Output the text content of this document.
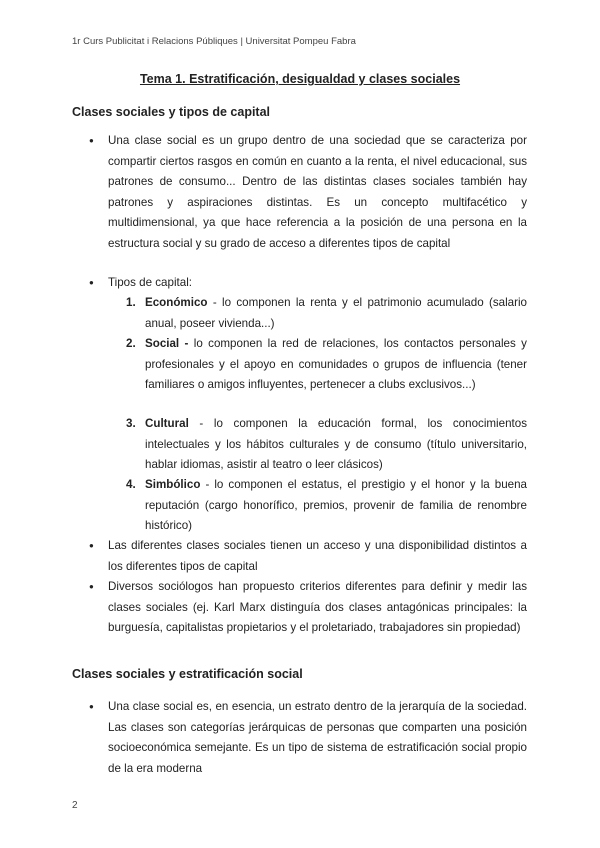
1r Curs Publicitat i Relacions Públiques | Universitat Pompeu Fabra
Tema 1. Estratificación, desigualdad y clases sociales
Clases sociales y tipos de capital
● Una clase social es un grupo dentro de una sociedad que se caracteriza por compartir ciertos rasgos en común en cuanto a la renta, el nivel educacional, sus patrones de consumo... Dentro de las distintas clases sociales también hay patrones y aspiraciones distintas. Es un concepto multifacético y multidimensional, ya que hace referencia a la posición de una persona en la estructura social y su grado de acceso a diferentes tipos de capital
● Tipos de capital:
1. Económico - lo componen la renta y el patrimonio acumulado (salario anual, poseer vivienda...)
2. Social - lo componen la red de relaciones, los contactos personales y profesionales y el apoyo en comunidades o grupos de influencia (tener familiares o amigos influyentes, pertenecer a clubs exclusivos...)
3. Cultural - lo componen la educación formal, los conocimientos intelectuales y los hábitos culturales y de consumo (título universitario, hablar idiomas, asistir al teatro o leer clásicos)
4. Simbólico - lo componen el estatus, el prestigio y el honor y la buena reputación (cargo honorífico, premios, provenir de familia de renombre histórico)
● Las diferentes clases sociales tienen un acceso y una disponibilidad distintos a los diferentes tipos de capital
● Diversos sociólogos han propuesto criterios diferentes para definir y medir las clases sociales (ej. Karl Marx distinguía dos clases antagónicas principales: la burguesía, capitalistas propietarios y el proletariado, trabajadores sin propiedad)
Clases sociales y estratificación social
● Una clase social es, en esencia, un estrato dentro de la jerarquía de la sociedad. Las clases son categorías jerárquicas de personas que comparten una posición socioeconómica semejante. Es un tipo de sistema de estratificación social propio de la era moderna
2
